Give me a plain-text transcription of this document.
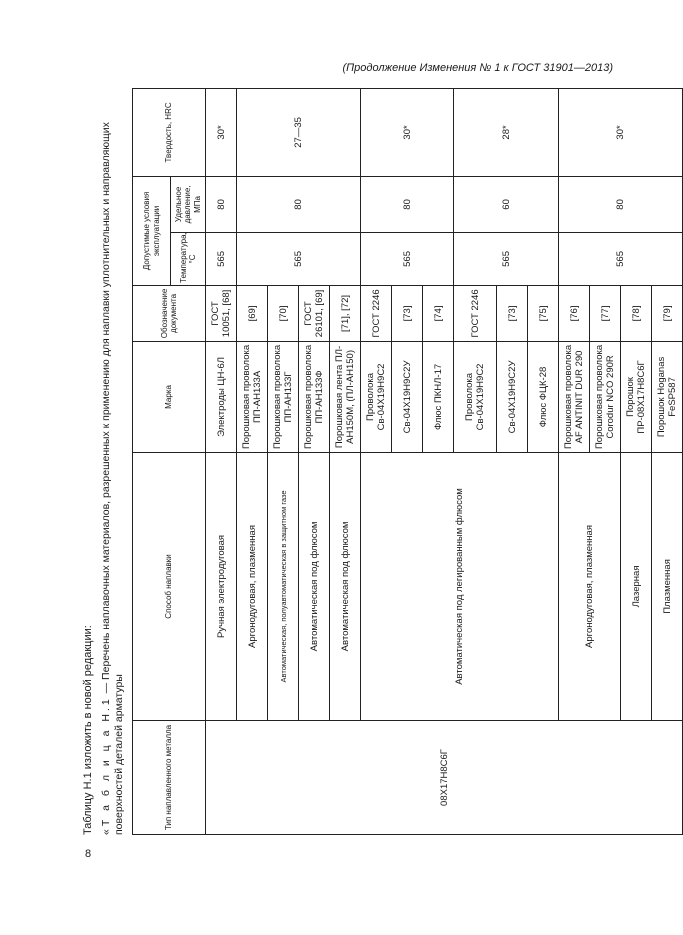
(Продолжение Изменения № 1 к ГОСТ 31901—2013)
Таблицу Н.1 изложить в новой редакции: «Т а б л и ц а Н.1 — Перечень наплавочных материалов, разрешенных к применению для наплавки уплотнительных и направляющих поверхностей деталей арматуры	Тип наплавленного металла	Способ наплавки	Марка	Обозначение документа	Допустимые условия эксплуатации		Твердость, HRC
				Температура, °С	Удельное давление, МПа	
08Х17Н8С6Г	Ручная электродуговая	Электроды ЦН-6Л	ГОСТ 10051, [68]	565	80	30*
	Аргонодуговая, плазменная	Порошковая проволока ПП-АН133А	[69]	565	80	27—35
	Автоматическая, полуавтоматическая в защитном газе	Порошковая проволока ПП-АН133Г	[70]			
	Автоматическая под флюсом	Порошковая проволока ПП-АН133Ф	ГОСТ 26101, [69]			
	Автоматическая под флюсом	Порошковая лента ПЛ-АН150М, (ПЛ-АН150)	[71], [72]			
	Автоматическая под легированным флюсом	Проволока Св-04Х19Н9С2	ГОСТ 2246	565	80	30*
		Св-04Х19Н9С2У	[73]			
		Флюс ПКНЛ-17	[74]			
		Проволока Св-04Х19Н9С2	ГОСТ 2246	565	60	28*
		Св-04Х19Н9С2У	[73]			
		Флюс ФЦК-28	[75]			
	Аргонодуговая, плазменная	Порошковая проволока AF ANTINIT DUR 290	[76]	565	80	30*
		Порошковая проволока Corodur NCO 290R	[77]			
	Лазерная	Порошок ПР-08Х17Н8С6Г	[78]			
	Плазменная	Порошок Hoganas FeSP587	[79]			
8
